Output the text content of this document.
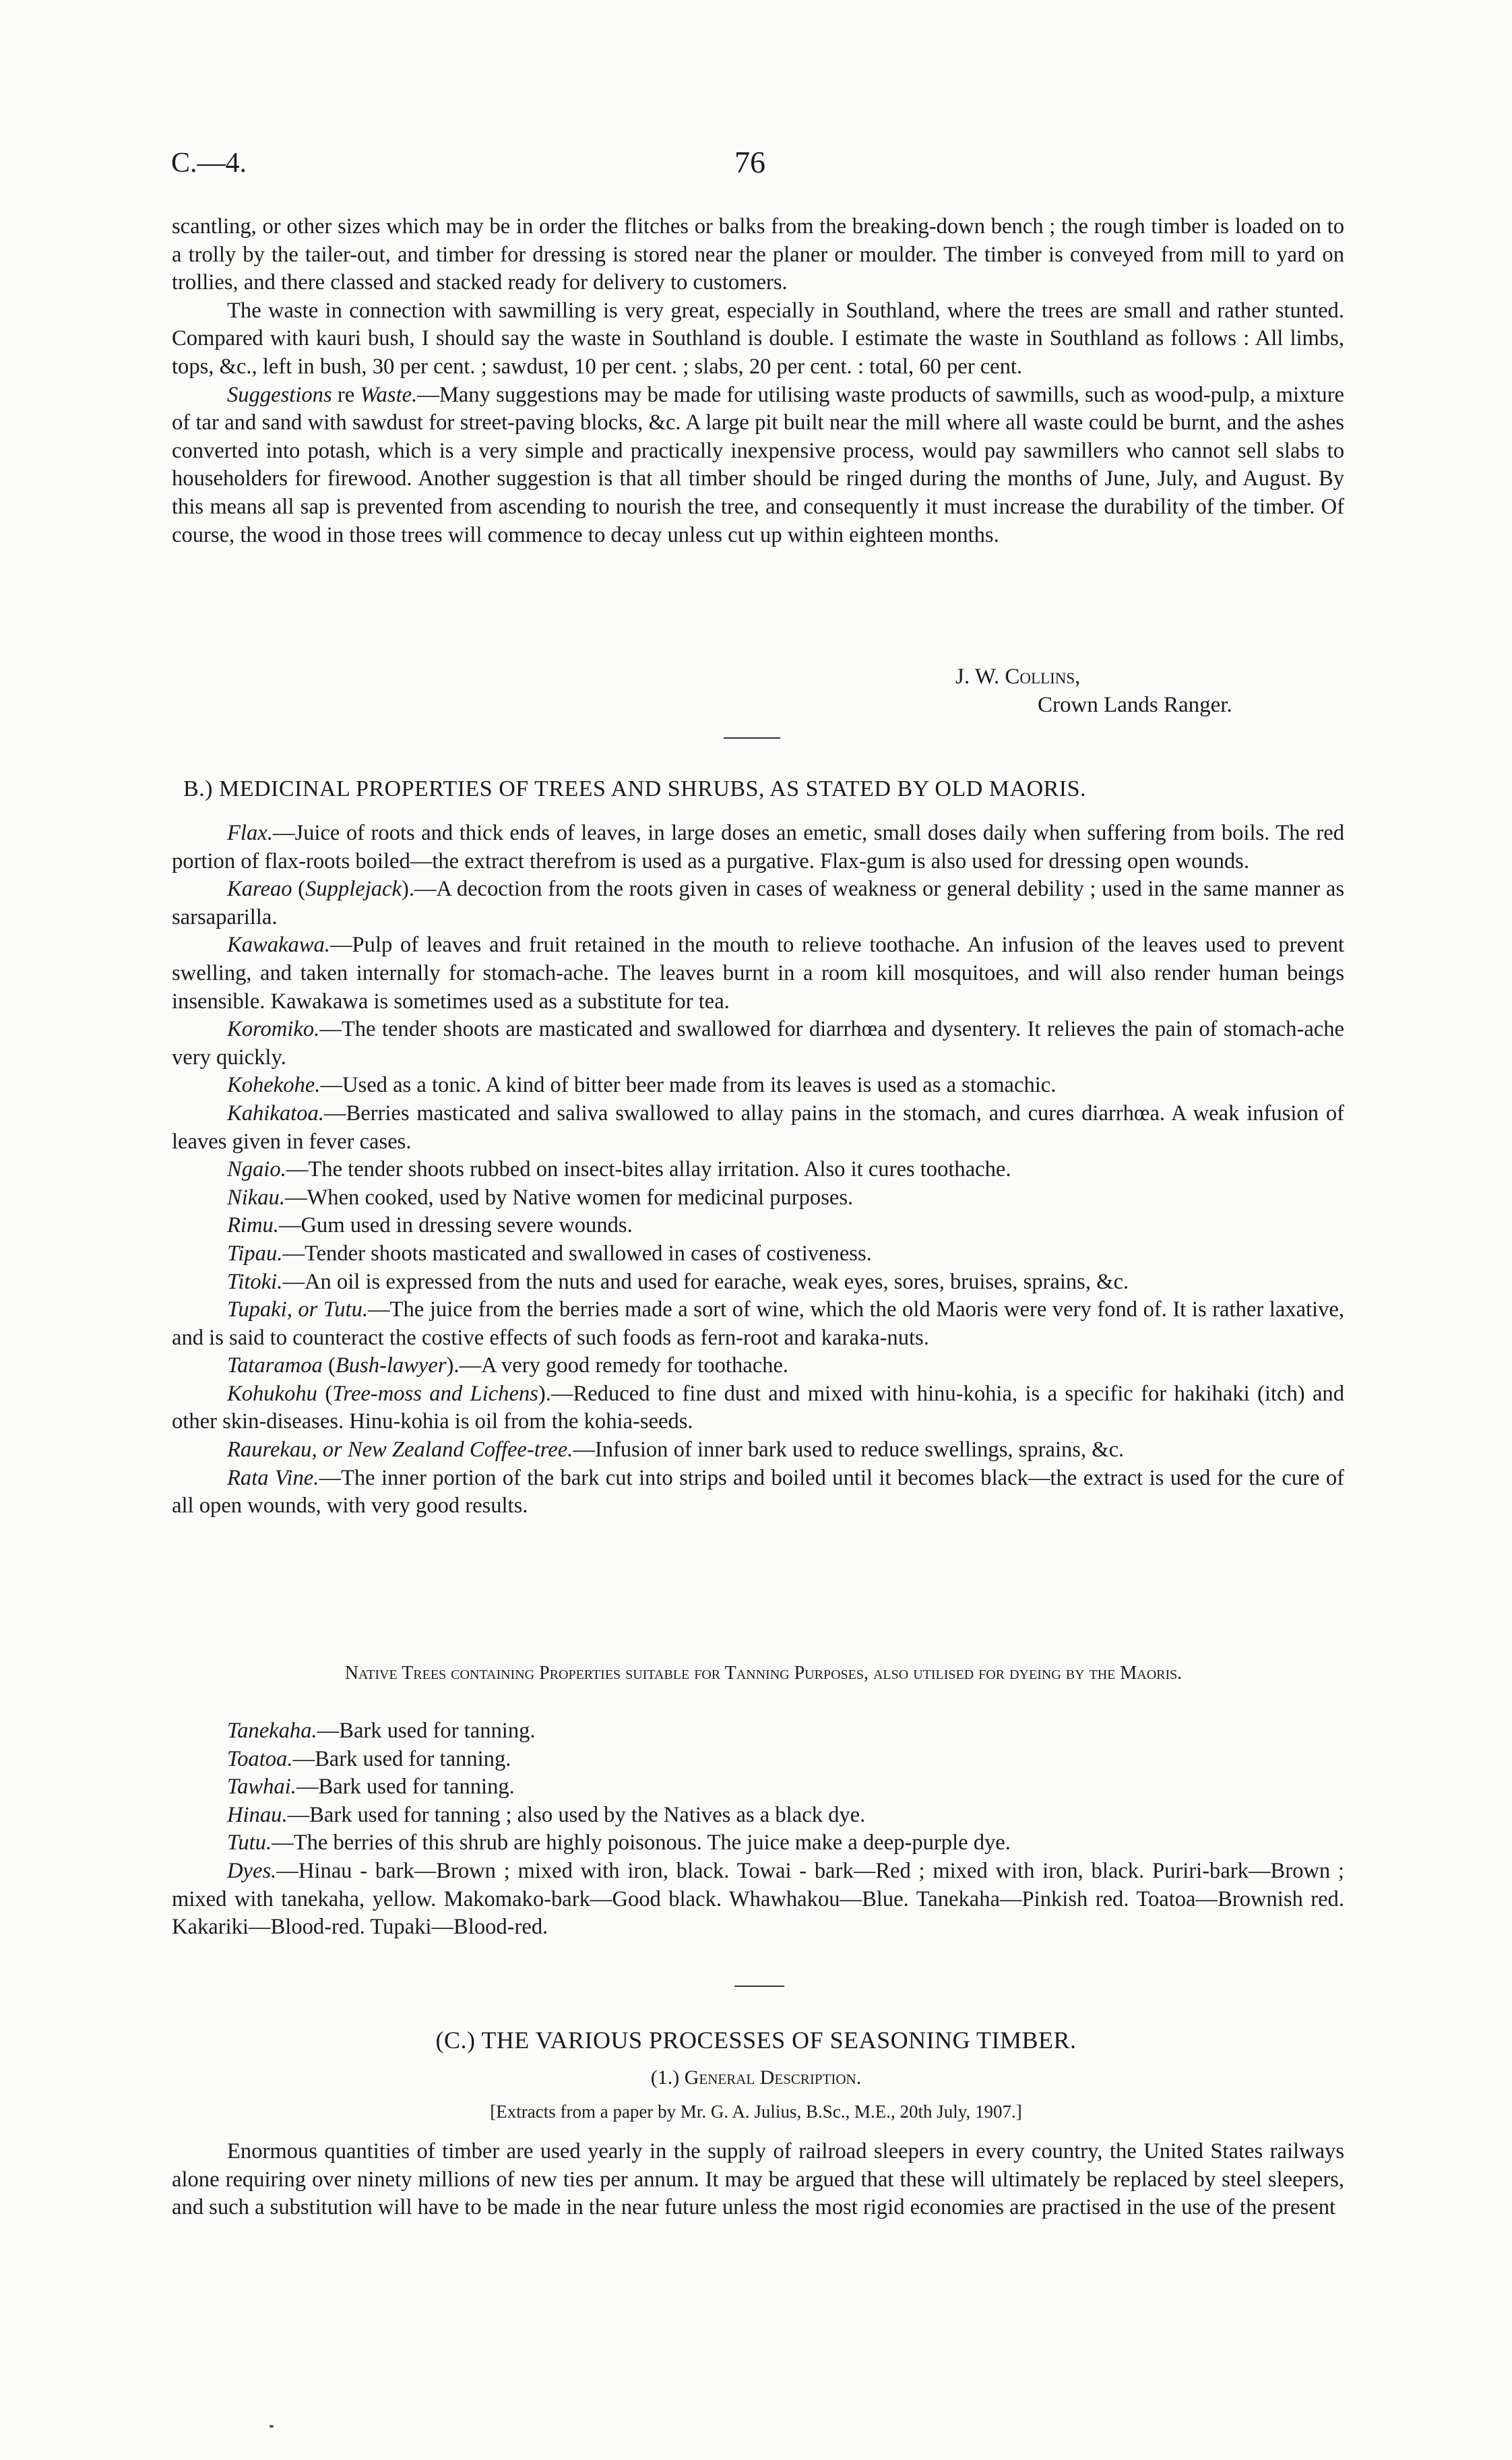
C.—4.	76

scantling, or other sizes which may be in order the flitches or balks from the breaking-down bench ; the rough timber is loaded on to a trolly by the tailer-out, and timber for dressing is stored near the planer or moulder. The timber is conveyed from mill to yard on trollies, and there classed and stacked ready for delivery to customers.

The waste in connection with sawmilling is very great, especially in Southland, where the trees are small and rather stunted. Compared with kauri bush, I should say the waste in Southland is double. I estimate the waste in Southland as follows : All limbs, tops, &c., left in bush, 30 per cent. ; sawdust, 10 per cent. ; slabs, 20 per cent. : total, 60 per cent.

Suggestions re Waste.—Many suggestions may be made for utilising waste products of sawmills, such as wood-pulp, a mixture of tar and sand with sawdust for street-paving blocks, &c. A large pit built near the mill where all waste could be burnt, and the ashes converted into potash, which is a very simple and practically inexpensive process, would pay sawmillers who cannot sell slabs to householders for firewood. Another suggestion is that all timber should be ringed during the months of June, July, and August. By this means all sap is prevented from ascending to nourish the tree, and consequently it must increase the durability of the timber. Of course, the wood in those trees will commence to decay unless cut up within eighteen months.

J. W. Collins,
Crown Lands Ranger.
B.) MEDICINAL PROPERTIES OF TREES AND SHRUBS, AS STATED BY OLD MAORIS.

Flax.—Juice of roots and thick ends of leaves, in large doses an emetic, small doses daily when suffering from boils. The red portion of flax-roots boiled—the extract therefrom is used as a purgative. Flax-gum is also used for dressing open wounds.

Kareao (Supplejack).—A decoction from the roots given in cases of weakness or general debility ; used in the same manner as sarsaparilla.

Kawakawa.—Pulp of leaves and fruit retained in the mouth to relieve toothache. An infusion of the leaves used to prevent swelling, and taken internally for stomach-ache. The leaves burnt in a room kill mosquitoes, and will also render human beings insensible. Kawakawa is sometimes used as a substitute for tea.

Koromiko.—The tender shoots are masticated and swallowed for diarrhœa and dysentery. It relieves the pain of stomach-ache very quickly.

Kohekohe.—Used as a tonic. A kind of bitter beer made from its leaves is used as a stomachic.

Kahikatoa.—Berries masticated and saliva swallowed to allay pains in the stomach, and cures diarrhœa. A weak infusion of leaves given in fever cases.

Ngaio.—The tender shoots rubbed on insect-bites allay irritation. Also it cures toothache.

Nikau.—When cooked, used by Native women for medicinal purposes.

Rimu.—Gum used in dressing severe wounds.

Tipau.—Tender shoots masticated and swallowed in cases of costiveness.

Titoki.—An oil is expressed from the nuts and used for earache, weak eyes, sores, bruises, sprains, &c.

Tupaki, or Tutu.—The juice from the berries made a sort of wine, which the old Maoris were very fond of. It is rather laxative, and is said to counteract the costive effects of such foods as fern-root and karaka-nuts.

Tataramoa (Bush-lawyer).—A very good remedy for toothache.

Kohukohu (Tree-moss and Lichens).—Reduced to fine dust and mixed with hinu-kohia, is a specific for hakihaki (itch) and other skin-diseases. Hinu-kohia is oil from the kohia-seeds.

Raurekau, or New Zealand Coffee-tree.—Infusion of inner bark used to reduce swellings, sprains, &c.

Rata Vine.—The inner portion of the bark cut into strips and boiled until it becomes black—the extract is used for the cure of all open wounds, with very good results.

Native Trees containing Properties suitable for Tanning Purposes, also utilised for dyeing by the Maoris.

Tanekaha.—Bark used for tanning.

Toatoa.—Bark used for tanning.

Tawhai.—Bark used for tanning.

Hinau.—Bark used for tanning ; also used by the Natives as a black dye.

Tutu.—The berries of this shrub are highly poisonous. The juice make a deep-purple dye.

Dyes.—Hinau - bark—Brown ; mixed with iron, black. Towai - bark—Red ; mixed with iron, black. Puriri-bark—Brown ; mixed with tanekaha, yellow. Makomako-bark—Good black. Whawhakou—Blue. Tanekaha—Pinkish red. Toatoa—Brownish red. Kakariki—Blood-red. Tupaki—Blood-red.

(C.) THE VARIOUS PROCESSES OF SEASONING TIMBER.
(1.) General Description.
[Extracts from a paper by Mr. G. A. Julius, B.Sc., M.E., 20th July, 1907.]

Enormous quantities of timber are used yearly in the supply of railroad sleepers in every country, the United States railways alone requiring over ninety millions of new ties per annum. It may be argued that these will ultimately be replaced by steel sleepers, and such a substitution will have to be made in the near future unless the most rigid economies are practised in the use of the present
